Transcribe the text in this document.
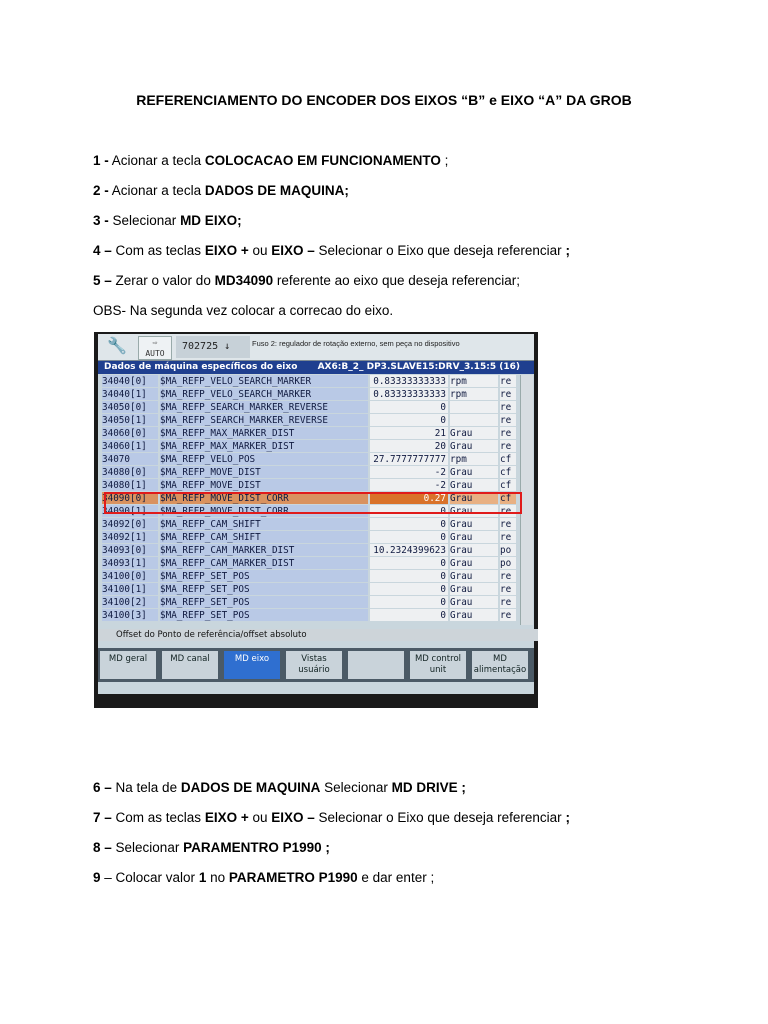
REFERENCIAMENTO DO ENCODER DOS EIXOS “B” e EIXO “A” DA GROB
1 - Acionar a tecla COLOCACAO EM FUNCIONAMENTO ;
2 - Acionar a tecla DADOS DE MAQUINA;
3 - Selecionar MD EIXO;
4 – Com as teclas EIXO + ou EIXO – Selecionar o Eixo que deseja referenciar ;
5 – Zerar o valor do MD34090 referente ao eixo que deseja referenciar;
OBS- Na segunda vez colocar a correcao do eixo.
🔧	⇨
AUTO
702725 ↓	Fuso 2: regulador de rotação externo, sem peça no dispositivo
Dados de máquina específicos do eixo AX6:B_2_ DP3.SLAVE15:DRV_3.15:5 (16)
34040[0]	$MA_REFP_VELO_SEARCH_MARKER	0.83333333333 rpm	re
34040[1]	$MA_REFP_VELO_SEARCH_MARKER	0.83333333333 rpm	re
34050[0]	$MA_REFP_SEARCH_MARKER_REVERSE	0	re
34050[1]	$MA_REFP_SEARCH_MARKER_REVERSE	0	re
34060[0]	$MA_REFP_MAX_MARKER_DIST	21 Grau	re
34060[1]	$MA_REFP_MAX_MARKER_DIST	20 Grau	re
34070	$MA_REFP_VELO_POS	27.7777777777 rpm	cf
34080[0]	$MA_REFP_MOVE_DIST	-2 Grau	cf
34080[1]	$MA_REFP_MOVE_DIST	-2 Grau	cf
34090[0]	$MA_REFP_MOVE_DIST_CORR	0.27 Grau	cf
34090[1]	$MA_REFP_MOVE_DIST_CORR	0 Grau	re
34092[0]	$MA_REFP_CAM_SHIFT	0 Grau	re
34092[1]	$MA_REFP_CAM_SHIFT	0 Grau	re
34093[0]	$MA_REFP_CAM_MARKER_DIST	10.2324399623 Grau	po
34093[1]	$MA_REFP_CAM_MARKER_DIST	0 Grau	po
34100[0]	$MA_REFP_SET_POS	0 Grau	re
34100[1]	$MA_REFP_SET_POS	0 Grau	re
34100[2]	$MA_REFP_SET_POS	0 Grau	re
34100[3]	$MA_REFP_SET_POS	0 Grau	re
Offset do Ponto de referência/offset absoluto
MD geral	MD canal	MD eixo	Vistas usuário
MD control unit
MD alimentação
6 – Na tela de DADOS DE MAQUINA Selecionar MD DRIVE ;
7 – Com as teclas EIXO + ou EIXO – Selecionar o Eixo que deseja referenciar ;
8 – Selecionar PARAMENTRO P1990 ;
9 – Colocar valor 1 no PARAMETRO P1990 e dar enter ;
